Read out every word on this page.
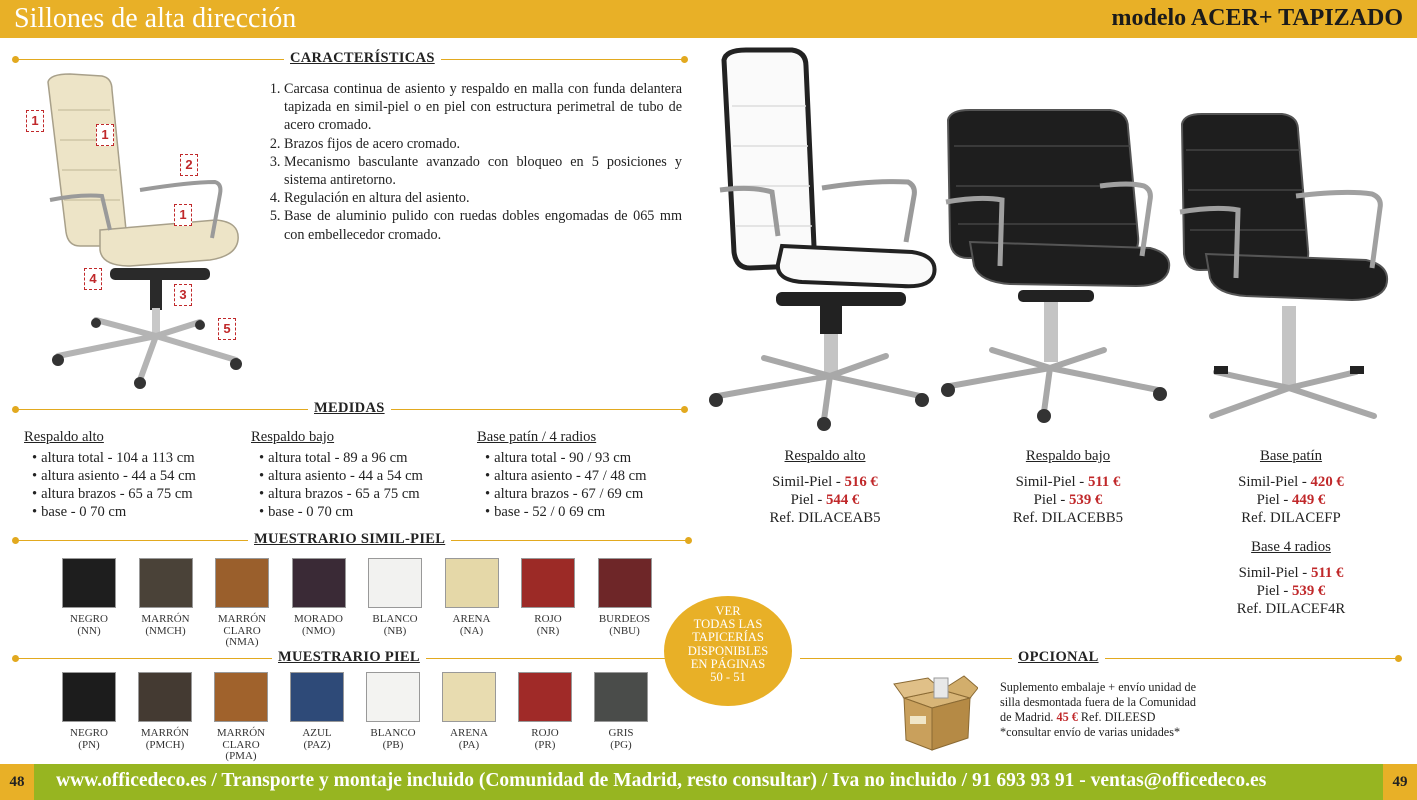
Sillones de alta dirección	modelo ACER+ TAPIZADO
CARACTERÍSTICAS
1
1
2
1
4
3
5
1. Carcasa continua de asiento y respaldo en malla con funda delantera tapizada en simil-piel o en piel con estructura perimetral de tubo de acero cromado.
2. Brazos fijos de acero cromado.
3. Mecanismo basculante avanzado con bloqueo en 5 posiciones y sistema antiretorno.
4. Regulación en altura del asiento.
5. Base de aluminio pulido con ruedas dobles engomadas de 065 mm con embellecedor cromado.
MEDIDAS
Respaldo alto
• altura total - 104 a 113 cm
• altura asiento - 44 a 54 cm
• altura brazos - 65 a 75 cm
• base - 0 70 cm
Respaldo bajo
• altura total - 89 a 96 cm
• altura asiento - 44 a 54 cm
• altura brazos - 65 a 75 cm
• base - 0 70 cm
Base patín / 4 radios
• altura total - 90 / 93 cm
• altura asiento - 47 / 48 cm
• altura brazos - 67 / 69 cm
• base - 52 / 0 69 cm
MUESTRARIO SIMIL-PIEL
NEGRO
(NN)
MARRÓN
(NMCH)
MARRÓN
CLARO
(NMA)
MORADO
(NMO)
BLANCO
(NB)
ARENA
(NA)
ROJO
(NR)
BURDEOS
(NBU)
MUESTRARIO PIEL
NEGRO
(PN)
MARRÓN
(PMCH)
MARRÓN
CLARO
(PMA)
AZUL
(PAZ)
BLANCO
(PB)
ARENA
(PA)
ROJO
(PR)
GRIS
(PG)
OPCIONAL
VER
TODAS LAS
TAPICERÍAS
DISPONIBLES
EN PÁGINAS
50 - 51
Respaldo alto
Simil-Piel - 516 €
Piel - 544 €
Ref. DILACEAB5
Respaldo bajo
Simil-Piel - 511 €
Piel - 539 €
Ref. DILACEBB5
Base patín
Simil-Piel - 420 €
Piel - 449 €
Ref. DILACEFP
Base 4 radios
Simil-Piel - 511 €
Piel - 539 €
Ref. DILACEF4R
Suplemento embalaje + envío unidad de
silla desmontada fuera de la Comunidad
de Madrid. 45 € Ref. DILEESD
*consultar envío de varias unidades*
www.officedeco.es / Transporte y montaje incluido (Comunidad de Madrid, resto consultar) / Iva no incluido / 91 693 93 91 - ventas@officedeco.es
48	49
